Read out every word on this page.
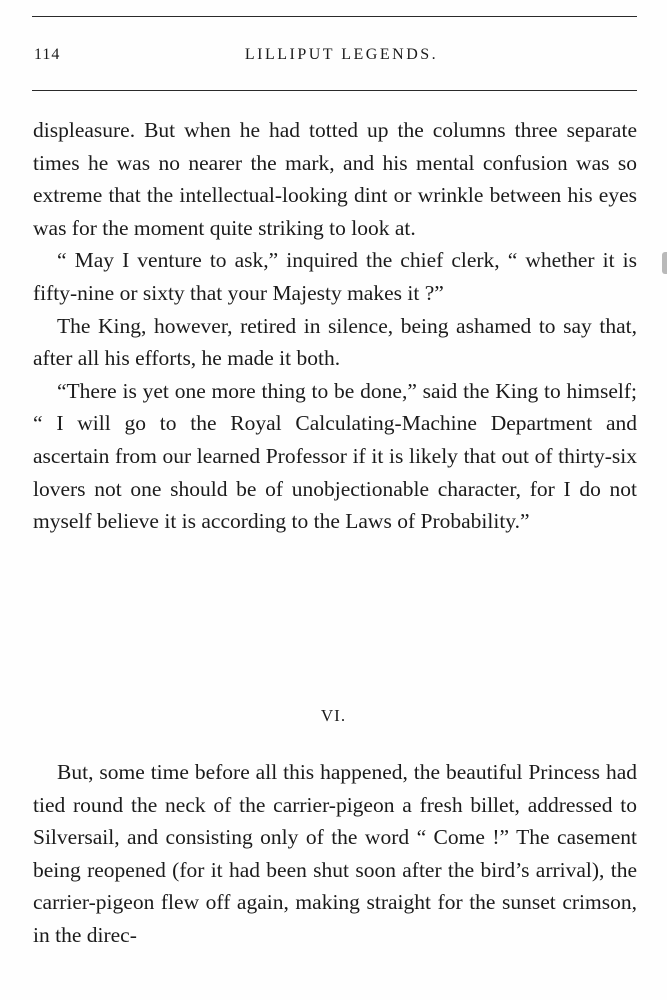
114	LILLIPUT LEGENDS.

displeasure. But when he had totted up the columns three separate times he was no nearer the mark, and his mental confusion was so extreme that the intellectual-looking dint or wrinkle between his eyes was for the moment quite striking to look at.

“ May I venture to ask,” inquired the chief clerk, “ whether it is fifty-nine or sixty that your Majesty makes it ?”

The King, however, retired in silence, being ashamed to say that, after all his efforts, he made it both.

“There is yet one more thing to be done,” said the King to himself; “ I will go to the Royal Calculating-Machine Department and ascertain from our learned Professor if it is likely that out of thirty-six lovers not one should be of unobjectionable character, for I do not myself believe it is according to the Laws of Probability.”

VI.

But, some time before all this happened, the beautiful Princess had tied round the neck of the carrier-pigeon a fresh billet, addressed to Silversail, and consisting only of the word “ Come !” The casement being reopened (for it had been shut soon after the bird’s arrival), the carrier-pigeon flew off again, making straight for the sunset crimson, in the direc-
